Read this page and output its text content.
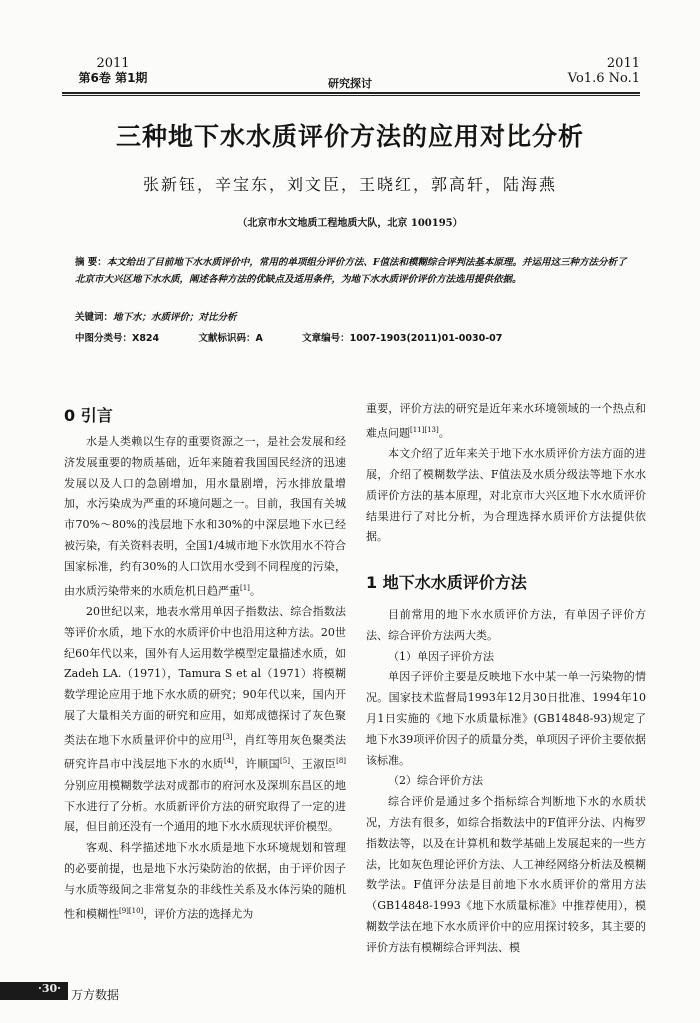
2011
第6卷 第1期	研究探讨
2011
Vo1.6 No.1
三种地下水水质评价方法的应用对比分析
张新钰，辛宝东，刘文臣，王晓红，郭高轩，陆海燕
（北京市水文地质工程地质大队，北京 100195）
摘 要：本文给出了目前地下水水质评价中，常用的单项组分评价方法、F值法和模糊综合评判法基本原理。并运用这三种方法分析了北京市大兴区地下水水质，阐述各种方法的优缺点及适用条件，为地下水水质评价评价方法选用提供依据。
关键词：地下水；水质评价；对比分析
中图分类号：X824	文献标识码：A	文章编号：1007-1903(2011)01-0030-07
0 引言

水是人类赖以生存的重要资源之一，是社会发展和经济发展重要的物质基础，近年来随着我国国民经济的迅速发展以及人口的急剧增加，用水量剧增，污水排放量增加，水污染成为严重的环境问题之一。目前，我国有关城市70%～80%的浅层地下水和30%的中深层地下水已经被污染，有关资料表明，全国1/4城市地下水饮用水不符合国家标准，约有30%的人口饮用水受到不同程度的污染，由水质污染带来的水质危机日趋严重[1]。

20世纪以来，地表水常用单因子指数法、综合指数法等评价水质，地下水的水质评价中也沿用这种方法。20世纪60年代以来，国外有人运用数学模型定量描述水质，如Zadeh LA.（1971），Tamura S et al（1971）将模糊数学理论应用于地下水水质的研究；90年代以来，国内开展了大量相关方面的研究和应用，如郑成德探讨了灰色聚类法在地下水质量评价中的应用[3]，肖红等用灰色聚类法研究许昌市中浅层地下水的水质[4]，许顺国[5]、王淑臣[8]分别应用模糊数学法对成都市的府河水及深圳东昌区的地下水进行了分析。水质新评价方法的研究取得了一定的进展，但目前还没有一个通用的地下水水质现状评价模型。

客观、科学描述地下水水质是地下水环境规划和管理的必要前提，也是地下水污染防治的依据，由于评价因子与水质等级间之非常复杂的非线性关系及水体污染的随机性和模糊性[9][10]，评价方法的选择尤为

重要，评价方法的研究是近年来水环境领域的一个热点和难点问题[11][13]。

本文介绍了近年来关于地下水水质评价方法方面的进展，介绍了模糊数学法、F值法及水质分级法等地下水水质评价方法的基本原理，对北京市大兴区地下水水质评价结果进行了对比分析，为合理选择水质评价方法提供依据。

1 地下水水质评价方法

目前常用的地下水水质评价方法，有单因子评价方法、综合评价方法两大类。

（1）单因子评价方法

单因子评价主要是反映地下水中某一单一污染物的情况。国家技术监督局1993年12月30日批准、1994年10月1日实施的《地下水质量标准》(GB14848-93)规定了地下水39项评价因子的质量分类，单项因子评价主要依据该标准。

（2）综合评价方法

综合评价是通过多个指标综合判断地下水的水质状况，方法有很多，如综合指数法中的F值评分法、内梅罗指数法等，以及在计算机和数学基础上发展起来的一些方法，比如灰色理论评价方法、人工神经网络分析法及模糊数学法。F值评分法是目前地下水水质评价的常用方法（GB14848-1993《地下水质量标准》中推荐使用），模糊数学法在地下水水质评价中的应用探讨较多，其主要的评价方法有模糊综合评判法、模

·30· 万方数据
